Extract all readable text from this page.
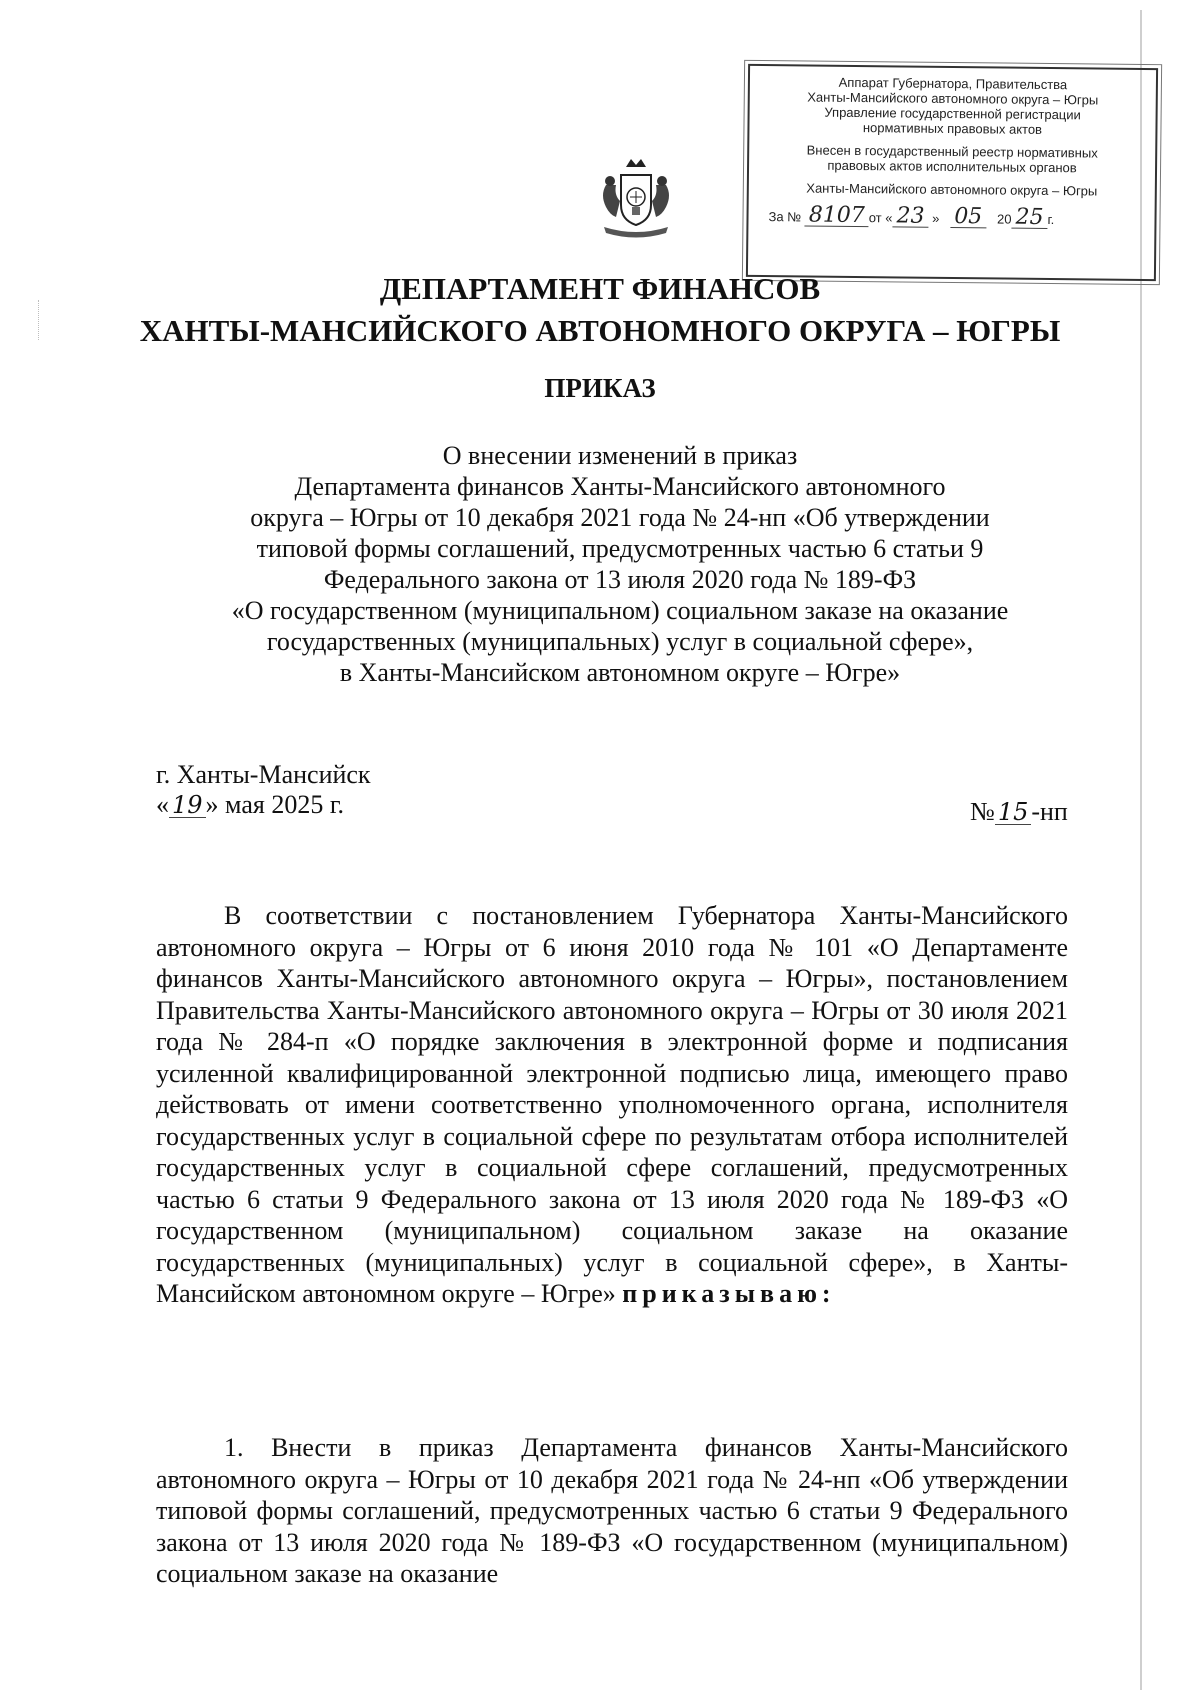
Аппарат Губернатора, Правительства
Ханты-Мансийского автономного округа – Югры
Управление государственной регистрации
нормативных правовых актов
Внесен в государственный реестр нормативных
правовых актов исполнительных органов
Ханты-Мансийского автономного округа – Югры
За № 8107 от « 23 » 05 20 25 г.
ДЕПАРТАМЕНТ ФИНАНСОВ
ХАНТЫ-МАНСИЙСКОГО АВТОНОМНОГО ОКРУГА – ЮГРЫ
ПРИКАЗ
О внесении изменений в приказ
Департамента финансов Ханты-Мансийского автономного
округа – Югры от 10 декабря 2021 года № 24-нп «Об утверждении
типовой формы соглашений, предусмотренных частью 6 статьи 9
Федерального закона от 13 июля 2020 года № 189-ФЗ
«О государственном (муниципальном) социальном заказе на оказание
государственных (муниципальных) услуг в социальной сфере»,
в Ханты-Мансийском автономном округе – Югре»
г. Ханты-Мансийск
« 19 » мая 2025 г.	№ 15 -нп

В соответствии с постановлением Губернатора Ханты-Мансийского автономного округа – Югры от 6 июня 2010 года № 101 «О Департаменте финансов Ханты-Мансийского автономного округа – Югры», постановлением Правительства Ханты-Мансийского автономного округа – Югры от 30 июля 2021 года № 284-п «О порядке заключения в электронной форме и подписания усиленной квалифицированной электронной подписью лица, имеющего право действовать от имени соответственно уполномоченного органа, исполнителя государственных услуг в социальной сфере по результатам отбора исполнителей государственных услуг в социальной сфере соглашений, предусмотренных частью 6 статьи 9 Федерального закона от 13 июля 2020 года № 189-ФЗ «О государственном (муниципальном) социальном заказе на оказание государственных (муниципальных) услуг в социальной сфере», в Ханты-Мансийском автономном округе – Югре» приказываю:

1. Внести в приказ Департамента финансов Ханты-Мансийского автономного округа – Югры от 10 декабря 2021 года № 24-нп «Об утверждении типовой формы соглашений, предусмотренных частью 6 статьи 9 Федерального закона от 13 июля 2020 года № 189-ФЗ «О государственном (муниципальном) социальном заказе на оказание
